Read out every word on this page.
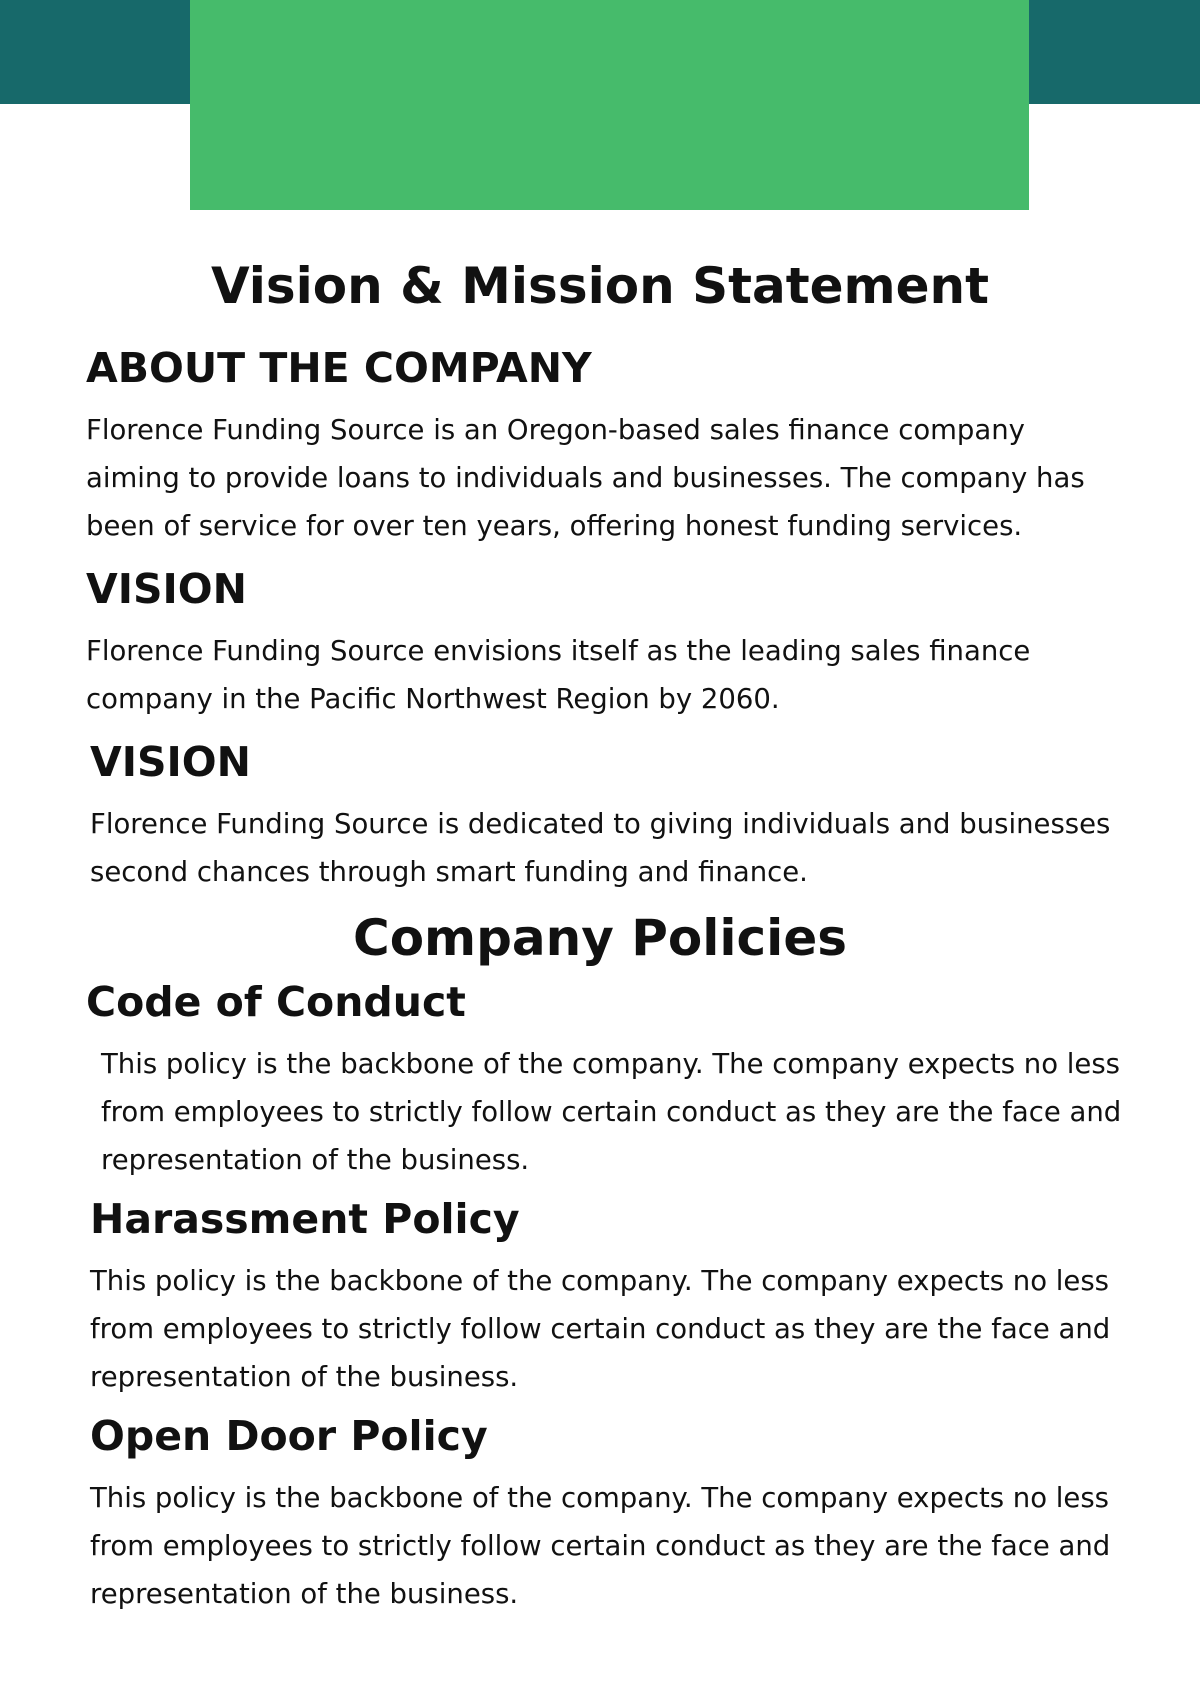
Vision & Mission Statement
ABOUT THE COMPANY

Florence Funding Source is an Oregon-based sales finance company aiming to provide loans to individuals and businesses. The company has been of service for over ten years, offering honest funding services.

VISION

Florence Funding Source envisions itself as the leading sales finance company in the Pacific Northwest Region by 2060.

VISION

Florence Funding Source is dedicated to giving individuals and businesses second chances through smart funding and finance.

Company Policies
Code of Conduct

This policy is the backbone of the company. The company expects no less from employees to strictly follow certain conduct as they are the face and representation of the business.

Harassment Policy

This policy is the backbone of the company. The company expects no less from employees to strictly follow certain conduct as they are the face and representation of the business.

Open Door Policy

This policy is the backbone of the company. The company expects no less from employees to strictly follow certain conduct as they are the face and representation of the business.
